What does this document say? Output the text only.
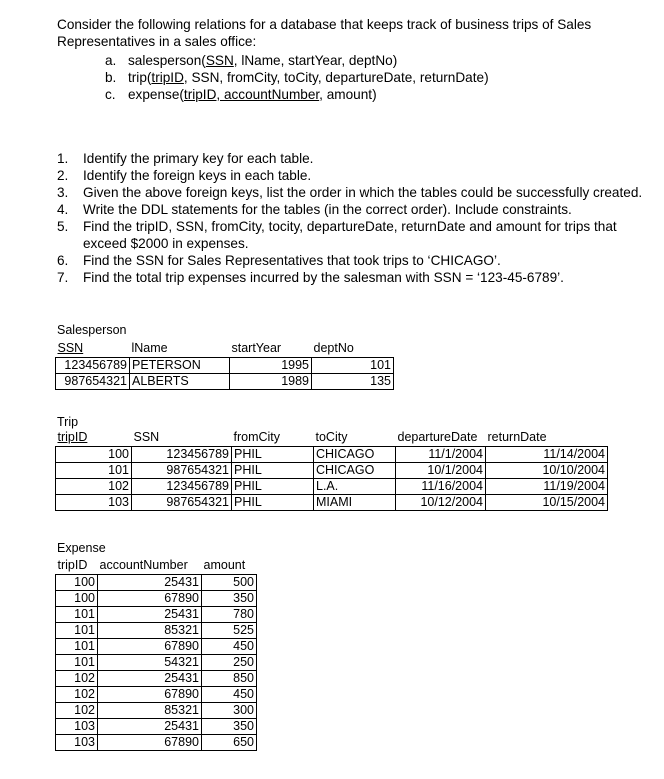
Consider the following relations for a database that keeps track of business trips of Sales Representatives in a sales office:
a. salesperson(SSN, lName, startYear, deptNo)
b. trip(tripID, SSN, fromCity, toCity, departureDate, returnDate)
c. expense(tripID, accountNumber, amount)
1. Identify the primary key for each table.
2. Identify the foreign keys in each table.
3. Given the above foreign keys, list the order in which the tables could be successfully created.
4. Write the DDL statements for the tables (in the correct order). Include constraints.
5. Find the tripID, SSN, fromCity, tocity, departureDate, returnDate and amount for trips that exceed $2000 in expenses.
6. Find the SSN for Sales Representatives that took trips to ‘CHICAGO’.
7. Find the total trip expenses incurred by the salesman with SSN = ‘123-45-6789’.
Salesperson
SSN	lName	startYear	deptNo
123456789	PETERSON	1995	101
987654321	ALBERTS	1989	135
Trip
tripID	SSN	fromCity	toCity	departureDate	returnDate
100	123456789	PHIL	CHICAGO	11/1/2004	11/14/2004
101	987654321	PHIL	CHICAGO	10/1/2004	10/10/2004
102	123456789	PHIL	L.A.	11/16/2004	11/19/2004
103	987654321	PHIL	MIAMI	10/12/2004	10/15/2004
Expense
tripID	accountNumber	amount
100	25431	500
100	67890	350
101	25431	780
101	85321	525
101	67890	450
101	54321	250
102	25431	850
102	67890	450
102	85321	300
103	25431	350
103	67890	650
